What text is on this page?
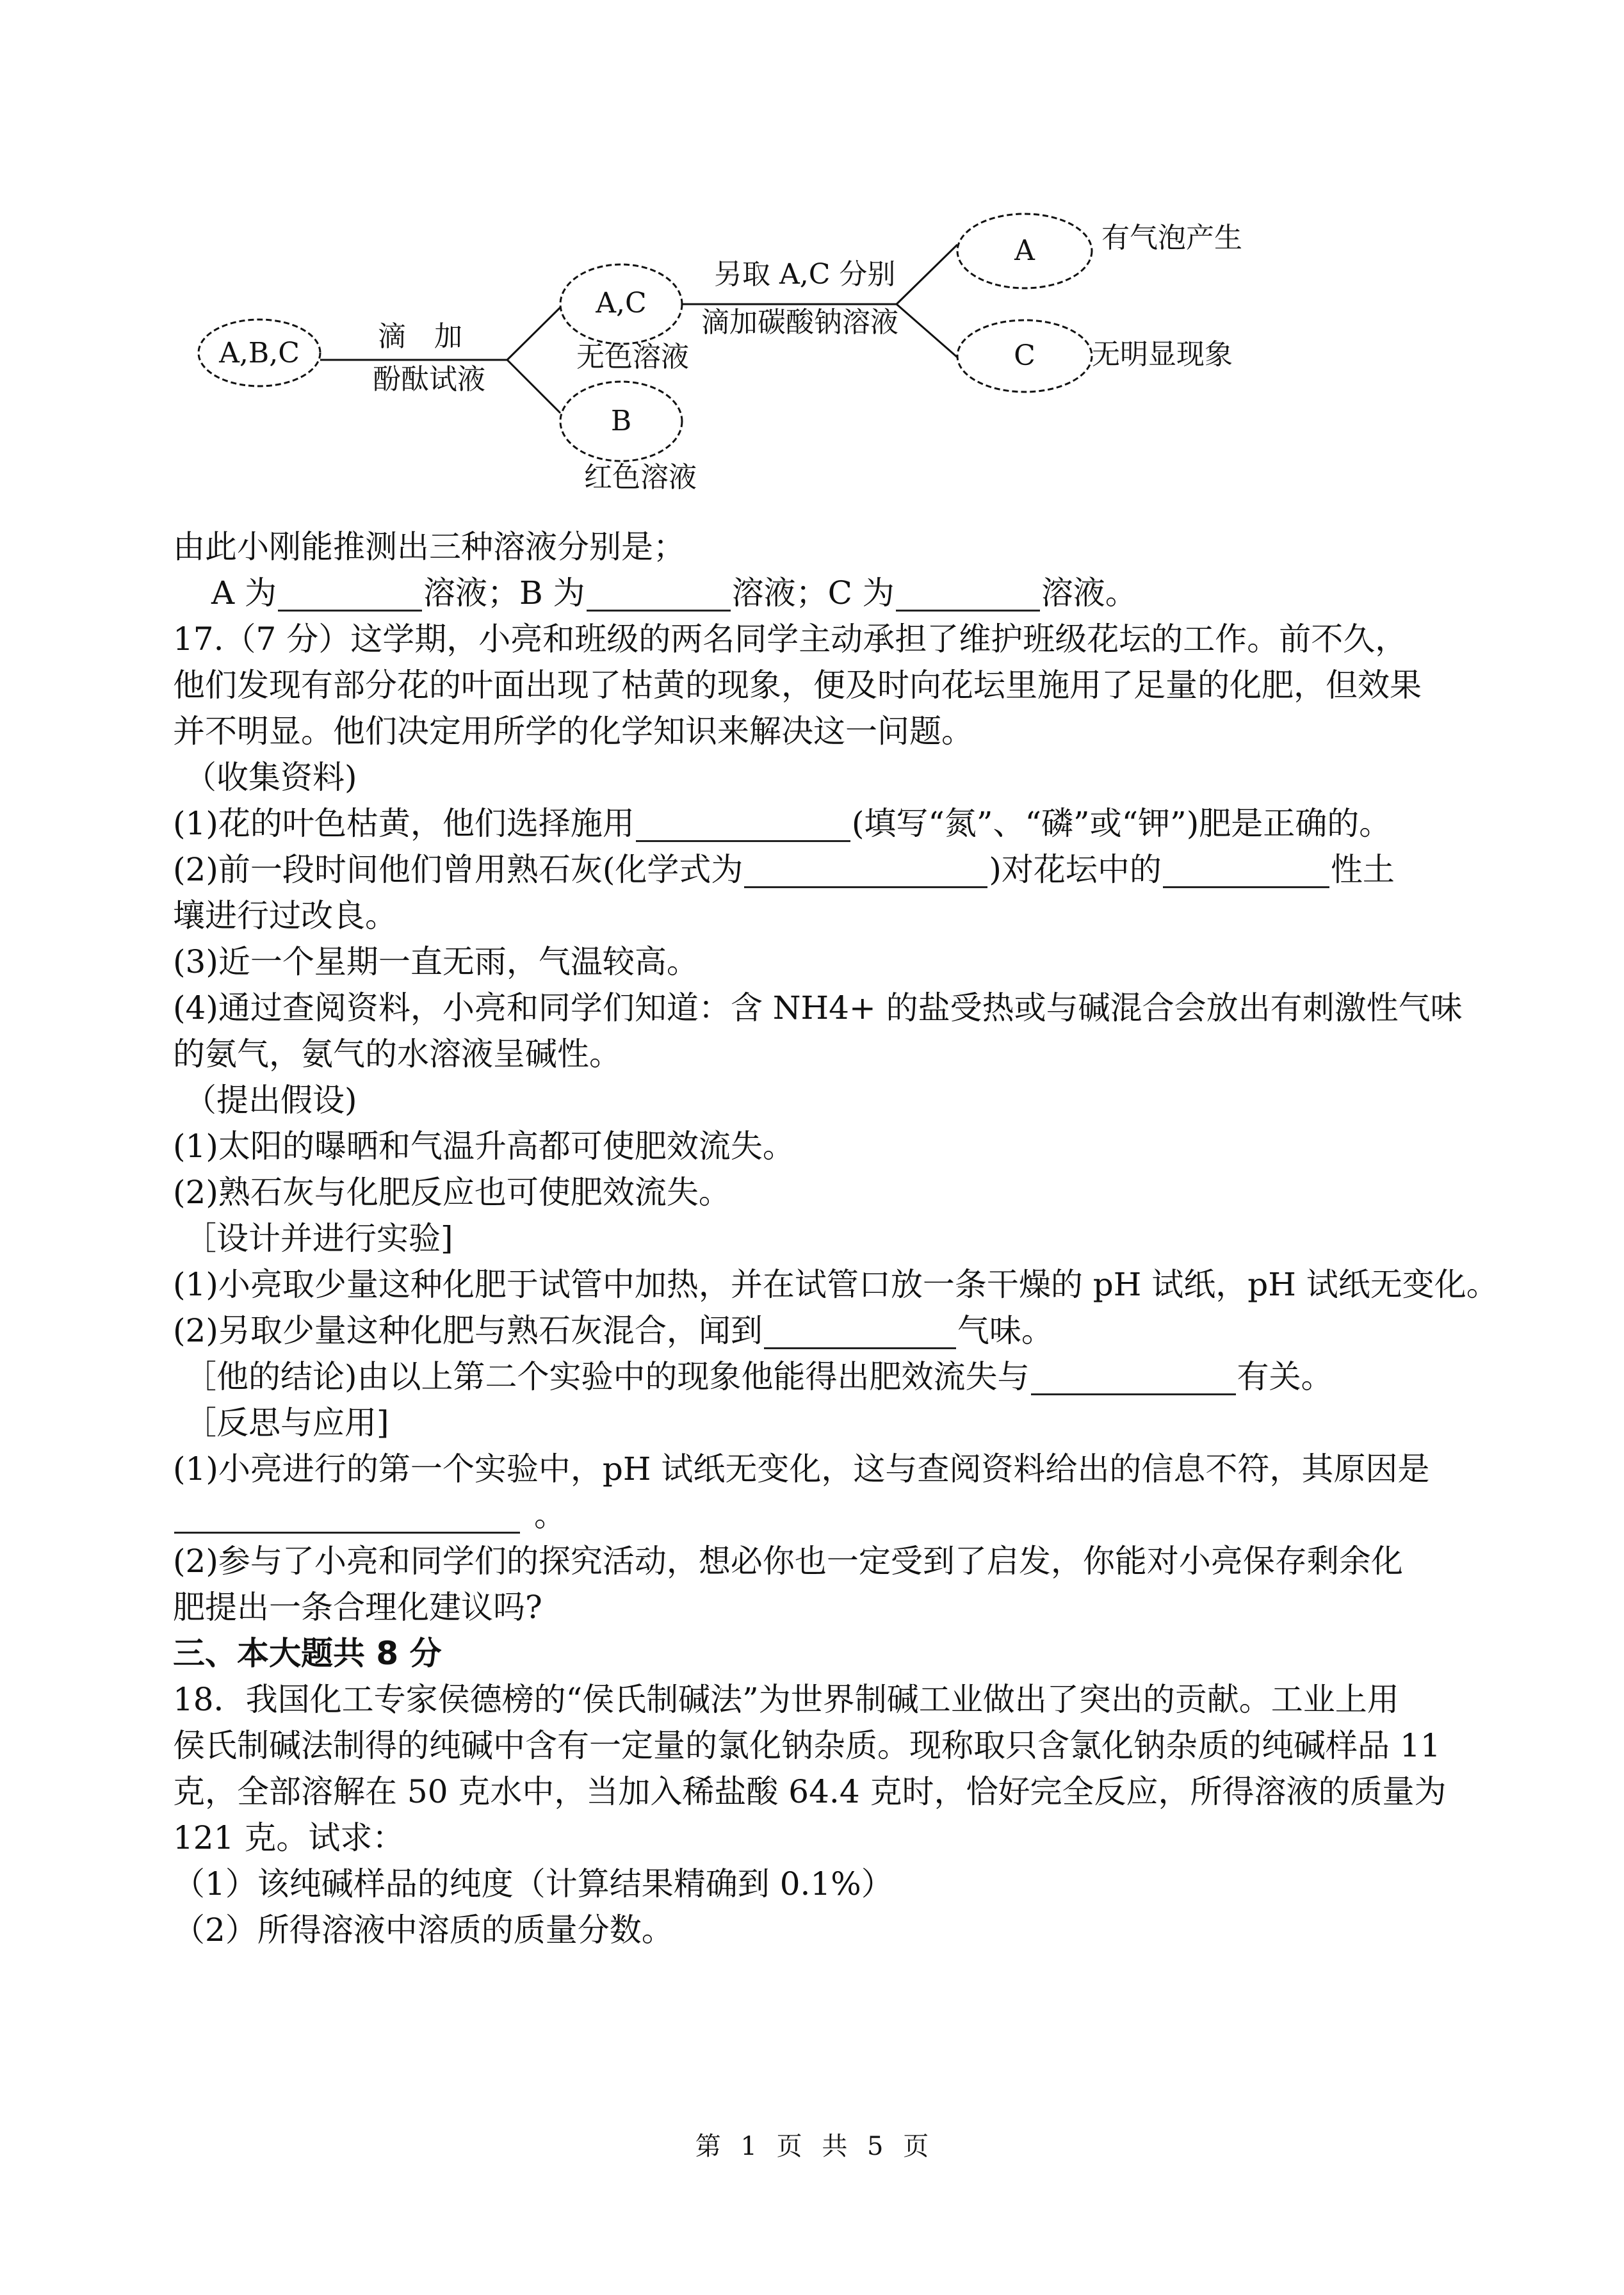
A,B,C
A,C
B
A
C
滴　加
酚酞试液
无色溶液
红色溶液
另取 A,C 分别
滴加碳酸钠溶液
有气泡产生
无明显现象
由此小刚能推测出三种溶液分别是；
A 为	溶液；B 为	溶液；C 为	溶液。
17.（7 分）这学期，小亮和班级的两名同学主动承担了维护班级花坛的工作。前不久，
他们发现有部分花的叶面出现了枯黄的现象，便及时向花坛里施用了足量的化肥，但效果
并不明显。他们决定用所学的化学知识来解决这一问题。
（收集资料)
(1)花的叶色枯黄，他们选择施用	(填写“氮”、“磷”或“钾”)肥是正确的。
(2)前一段时间他们曾用熟石灰(化学式为	)对花坛中的	性土
壤进行过改良。
(3)近一个星期一直无雨，气温较高。
(4)通过查阅资料，小亮和同学们知道：含 NH4+ 的盐受热或与碱混合会放出有刺激性气味
的氨气，氨气的水溶液呈碱性。
（提出假设)
(1)太阳的曝晒和气温升高都可使肥效流失。
(2)熟石灰与化肥反应也可使肥效流失。
［设计并进行实验]
(1)小亮取少量这种化肥于试管中加热，并在试管口放一条干燥的 pH 试纸，pH 试纸无变化。
(2)另取少量这种化肥与熟石灰混合，闻到	气味。
［他的结论)由以上第二个实验中的现象他能得出肥效流失与	有关。
［反思与应用]
(1)小亮进行的第一个实验中，pH 试纸无变化，这与查阅资料给出的信息不符，其原因是
。
(2)参与了小亮和同学们的探究活动，想必你也一定受到了启发，你能对小亮保存剩余化
肥提出一条合理化建议吗?
三、本大题共 8 分
18．我国化工专家侯德榜的“侯氏制碱法”为世界制碱工业做出了突出的贡献。工业上用
侯氏制碱法制得的纯碱中含有一定量的氯化钠杂质。现称取只含氯化钠杂质的纯碱样品 11
克，全部溶解在 50 克水中，当加入稀盐酸 64.4 克时，恰好完全反应，所得溶液的质量为
121 克。试求：
（1）该纯碱样品的纯度（计算结果精确到 0.1%）
（2）所得溶液中溶质的质量分数。
第 1 页 共 5 页
